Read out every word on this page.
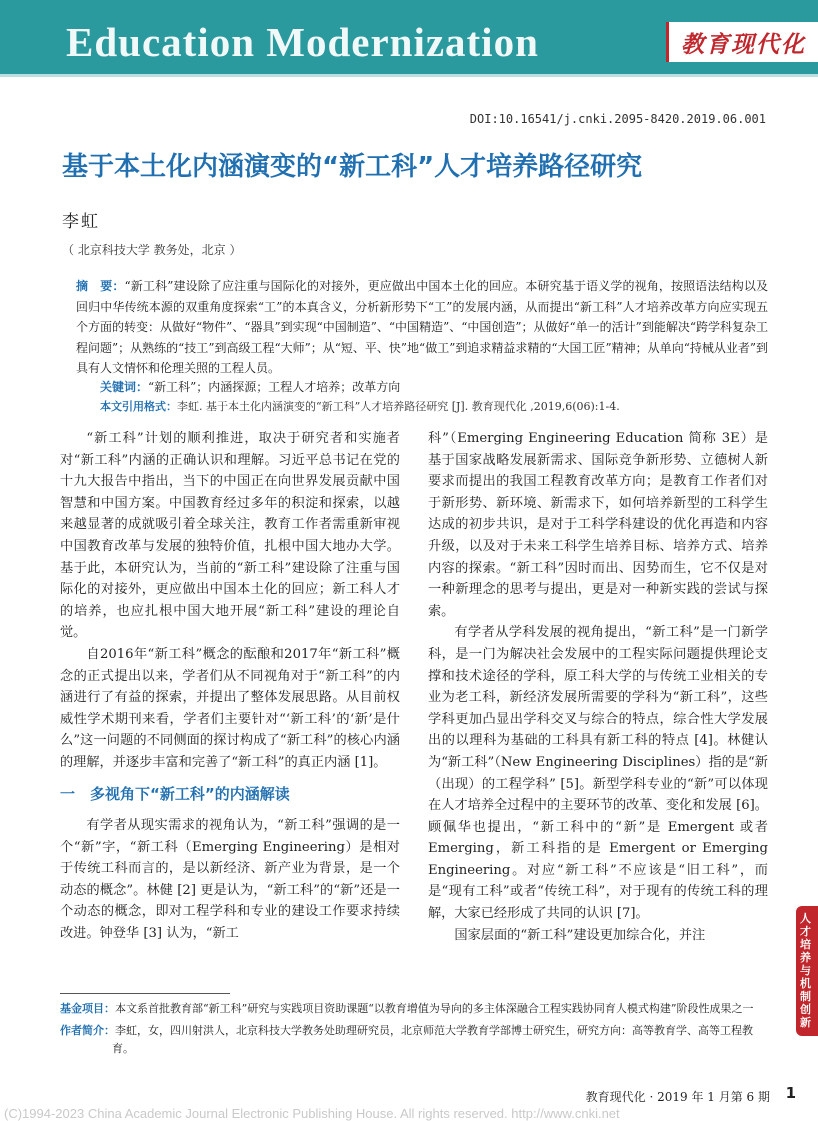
Education Modernization	教育现代化
DOI:10.16541/j.cnki.2095-8420.2019.06.001
基于本土化内涵演变的“新工科”人才培养路径研究
李虹
（ 北京科技大学 教务处，北京 ）
摘　要：“新工科”建设除了应注重与国际化的对接外，更应做出中国本土化的回应。本研究基于语义学的视角，按照语法结构以及回归中华传统本源的双重角度探索“工”的本真含义，分析新形势下“工”的发展内涵，从而提出“新工科”人才培养改革方向应实现五个方面的转变：从做好“物件”、“器具”到实现“中国制造”、“中国精造”、“中国创造”；从做好“单一的活计”到能解决“跨学科复杂工程问题”；从熟练的“技工”到高级工程“大师”；从“短、平、快”地“做工”到追求精益求精的“大国工匠”精神；从单向“持械从业者”到具有人文情怀和伦理关照的工程人员。
关键词：“新工科”；内涵探源；工程人才培养；改革方向
本文引用格式：李虹. 基于本土化内涵演变的“新工科”人才培养路径研究 [J]. 教育现代化 ,2019,6(06):1-4.

“新工科”计划的顺利推进，取决于研究者和实施者对“新工科”内涵的正确认识和理解。习近平总书记在党的十九大报告中指出，当下的中国正在向世界发展贡献中国智慧和中国方案。中国教育经过多年的积淀和探索，以越来越显著的成就吸引着全球关注，教育工作者需重新审视中国教育改革与发展的独特价值，扎根中国大地办大学。基于此，本研究认为，当前的“新工科”建设除了注重与国际化的对接外，更应做出中国本土化的回应；新工科人才的培养，也应扎根中国大地开展“新工科”建设的理论自觉。

自2016年“新工科”概念的酝酿和2017年“新工科”概念的正式提出以来，学者们从不同视角对于“新工科”的内涵进行了有益的探索，并提出了整体发展思路。从目前权威性学术期刊来看，学者们主要针对“‘新工科’的‘新’是什么”这一问题的不同侧面的探讨构成了“新工科”的核心内涵的理解，并逐步丰富和完善了“新工科”的真正内涵 [1]。

一　多视角下“新工科”的内涵解读

有学者从现实需求的视角认为，“新工科”强调的是一个“新”字，“新工科（Emerging Engineering）是相对于传统工科而言的，是以新经济、新产业为背景，是一个动态的概念”。林健 [2] 更是认为，“新工科”的“新”还是一个动态的概念，即对工程学科和专业的建设工作要求持续改进。钟登华 [3] 认为，“新工

科”（Emerging Engineering Education 简称 3E）是基于国家战略发展新需求、国际竞争新形势、立德树人新要求而提出的我国工程教育改革方向；是教育工作者们对于新形势、新环境、新需求下，如何培养新型的工科学生达成的初步共识，是对于工科学科建设的优化再造和内容升级，以及对于未来工科学生培养目标、培养方式、培养内容的探索。“新工科”因时而出、因势而生，它不仅是对一种新理念的思考与提出，更是对一种新实践的尝试与探索。

有学者从学科发展的视角提出，“新工科”是一门新学科，是一门为解决社会发展中的工程实际问题提供理论支撑和技术途径的学科，原工科大学的与传统工业相关的专业为老工科，新经济发展所需要的学科为“新工科”，这些学科更加凸显出学科交叉与综合的特点，综合性大学发展出的以理科为基础的工科具有新工科的特点 [4]。林健认为“新工科”（New Engineering Disciplines）指的是“新（出现）的工程学科” [5]。新型学科专业的“新”可以体现在人才培养全过程中的主要环节的改革、变化和发展 [6]。顾佩华也提出，“新工科中的“新”是 Emergent 或者 Emerging，新工科指的是 Emergent or Emerging Engineering。对应“新工科”不应该是“旧工科”，而是“现有工科”或者“传统工科”，对于现有的传统工科的理解，大家已经形成了共同的认识 [7]。

国家层面的“新工科”建设更加综合化，并注

基金项目：本文系首批教育部“新工科”研究与实践项目资助课题“以教育增值为导向的多主体深融合工程实践协同育人模式构建”阶段性成果之一

作者简介：李虹，女，四川射洪人，北京科技大学教务处助理研究员，北京师范大学教育学部博士研究生，研究方向：高等教育学、高等工程教育。

教育现代化 · 2019 年 1 月第 6 期 1
(C)1994-2023 China Academic Journal Electronic Publishing House. All rights reserved. http://www.cnki.net
人才培养与机制创新
